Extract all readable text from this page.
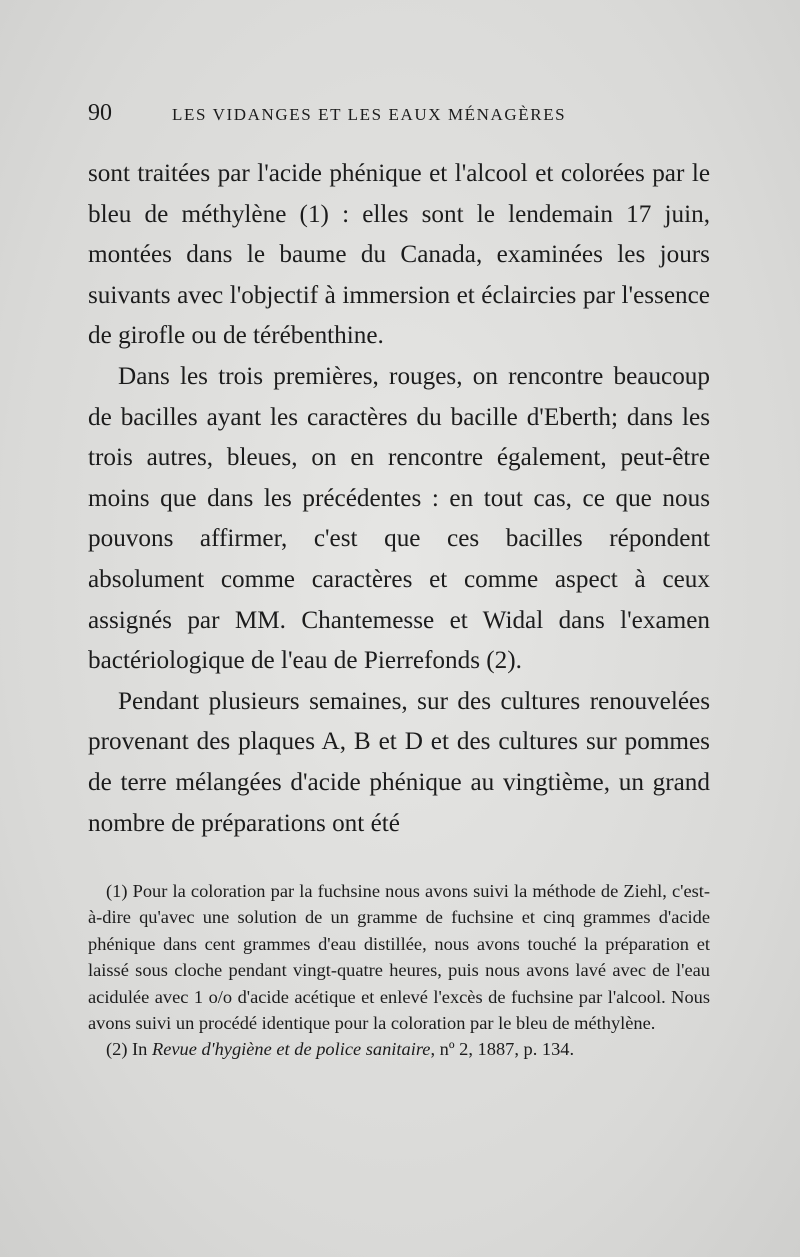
90	LES VIDANGES ET LES EAUX MÉNAGÈRES

sont traitées par l'acide phénique et l'alcool et colorées par le bleu de méthylène (1) : elles sont le lendemain 17 juin, montées dans le baume du Canada, examinées les jours suivants avec l'objectif à immersion et éclaircies par l'essence de girofle ou de térébenthine.

Dans les trois premières, rouges, on rencontre beaucoup de bacilles ayant les caractères du bacille d'Eberth; dans les trois autres, bleues, on en rencontre également, peut-être moins que dans les précédentes : en tout cas, ce que nous pouvons affirmer, c'est que ces bacilles répondent absolument comme caractères et comme aspect à ceux assignés par MM. Chantemesse et Widal dans l'examen bactériologique de l'eau de Pierrefonds (2).

Pendant plusieurs semaines, sur des cultures renouvelées provenant des plaques A, B et D et des cultures sur pommes de terre mélangées d'acide phénique au vingtième, un grand nombre de préparations ont été

(1) Pour la coloration par la fuchsine nous avons suivi la méthode de Ziehl, c'est-à-dire qu'avec une solution de un gramme de fuchsine et cinq grammes d'acide phénique dans cent grammes d'eau distillée, nous avons touché la préparation et laissé sous cloche pendant vingt-quatre heures, puis nous avons lavé avec de l'eau acidulée avec 1 o/o d'acide acétique et enlevé l'excès de fuchsine par l'alcool. Nous avons suivi un procédé identique pour la coloration par le bleu de méthylène.

(2) In Revue d'hygiène et de police sanitaire, nº 2, 1887, p. 134.
